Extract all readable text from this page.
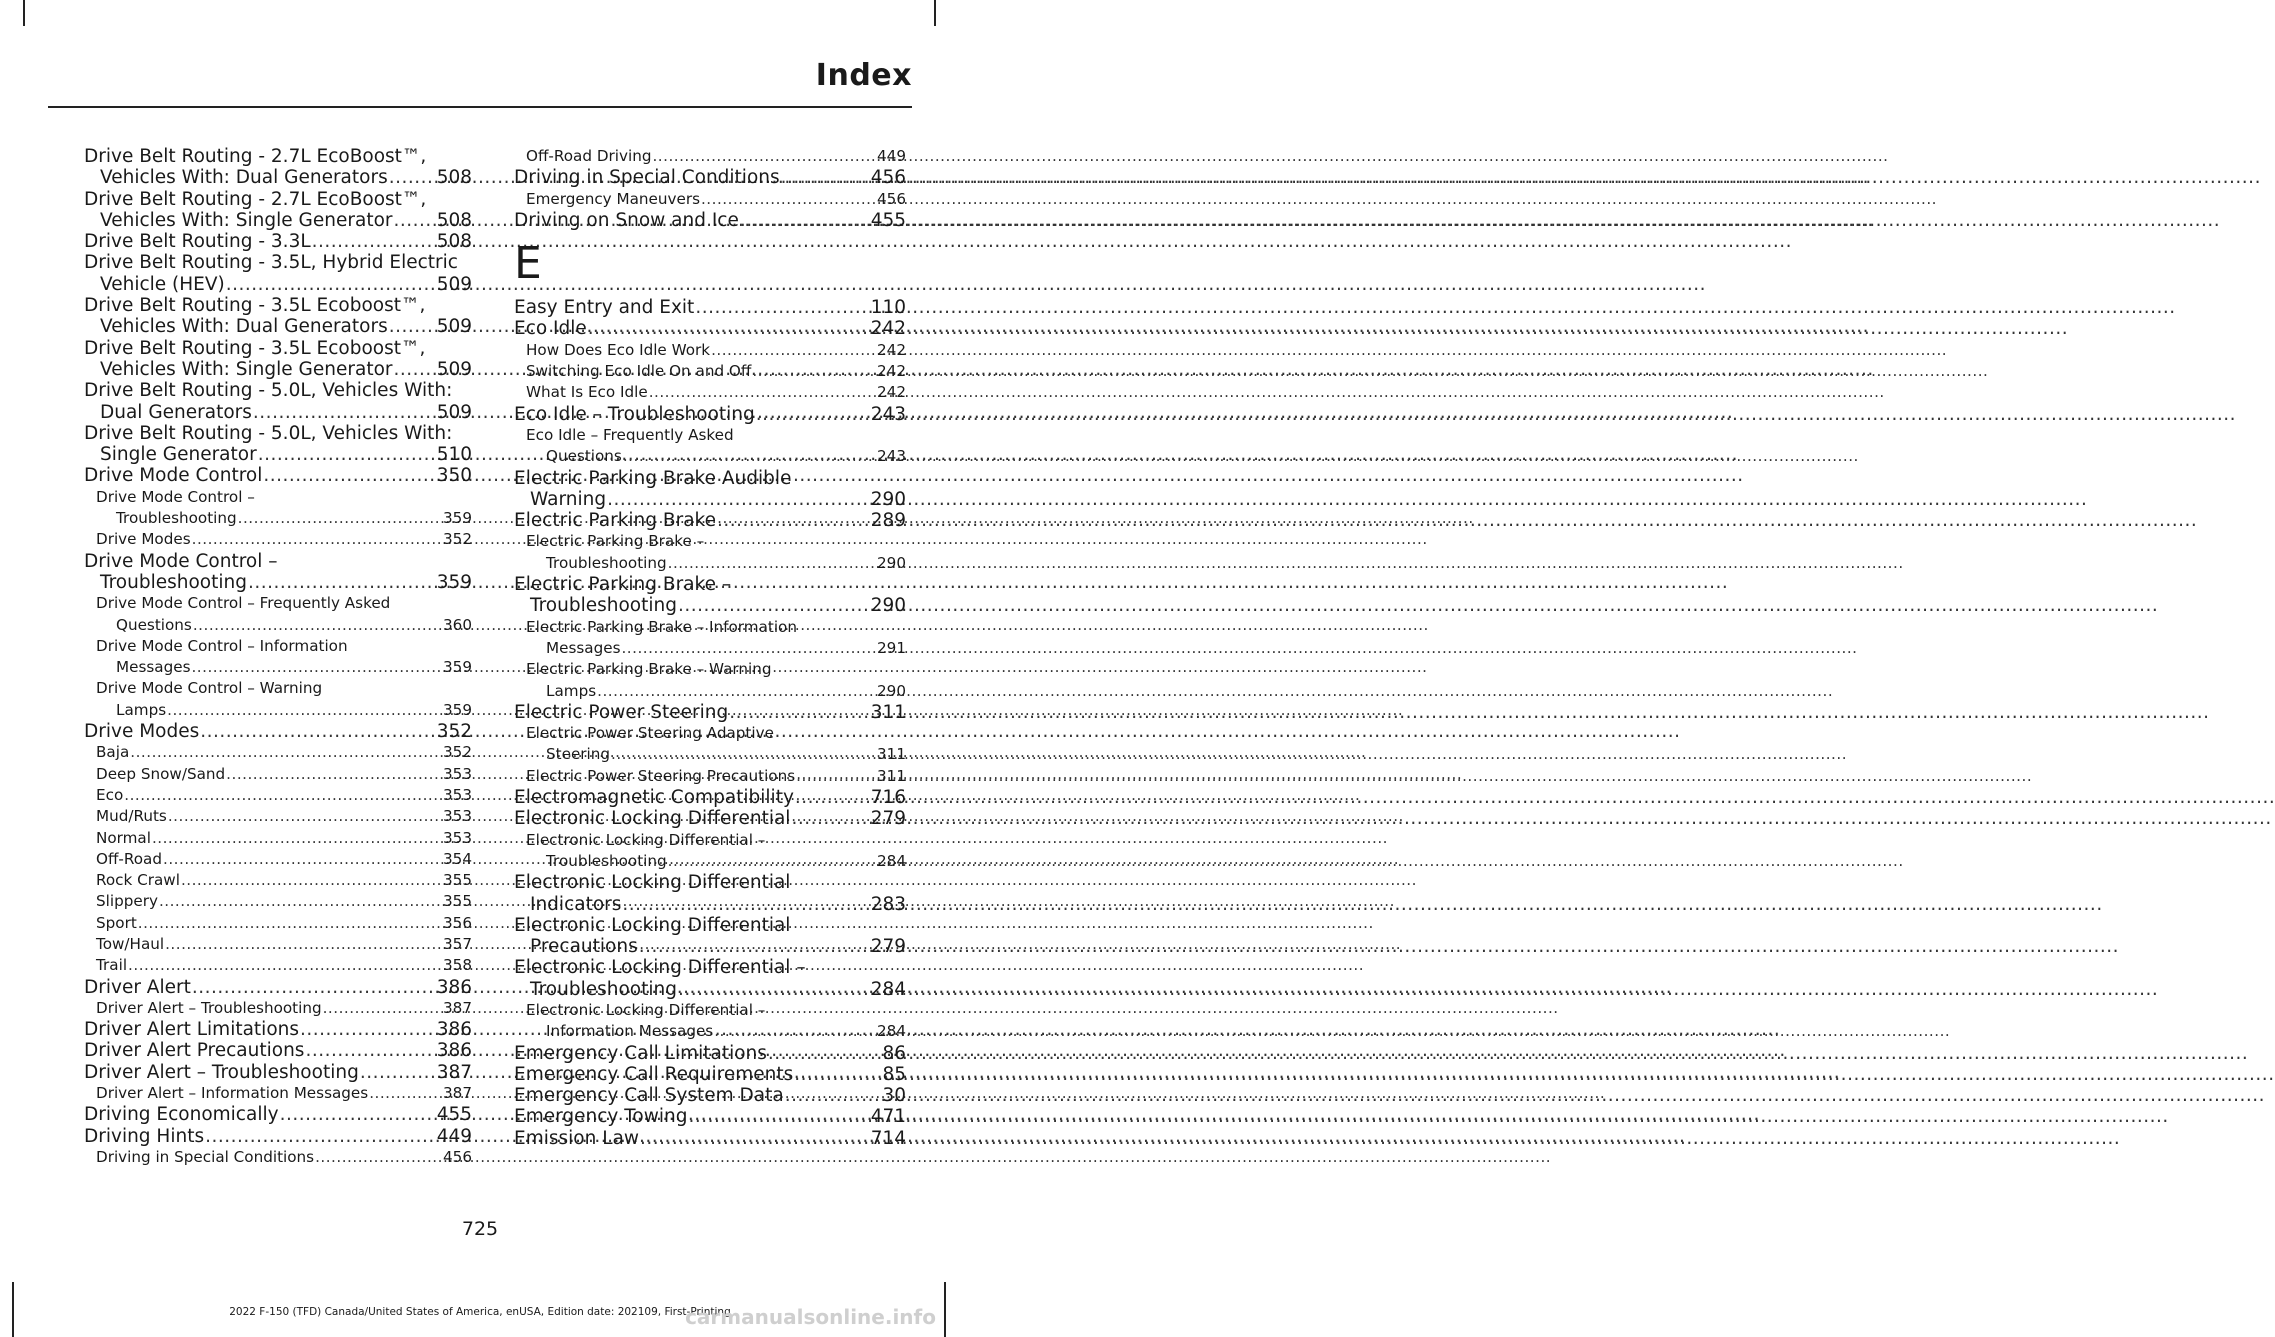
Index
Drive Belt Routing - 2.7L EcoBoost™,
Vehicles With: Dual Generators .....	508
Drive Belt Routing - 2.7L EcoBoost™,
Vehicles With: Single Generator ..... 508
Drive Belt Routing - 3.3L .....	508
Drive Belt Routing - 3.5L, Hybrid Electric
Vehicle (HEV) .....	509
Drive Belt Routing - 3.5L Ecoboost™,
Vehicles With: Dual Generators .....	509
Drive Belt Routing - 3.5L Ecoboost™,
Vehicles With: Single Generator ..... 509
Drive Belt Routing - 5.0L, Vehicles With:
Dual Generators .....	509
Drive Belt Routing - 5.0L, Vehicles With:
Single Generator .....	510
Drive Mode Control .....	350
Drive Mode Control –
Troubleshooting .....	359
Drive Modes .....	352
Drive Mode Control –
Troubleshooting .....	359
Drive Mode Control – Frequently Asked
Questions .....	360
Drive Mode Control – Information
Messages .....	359
Drive Mode Control – Warning
Lamps .....	359
Drive Modes .....	352
Baja .....	352
Deep Snow/Sand .....	353
Eco .....	353
Mud/Ruts .....	353
Normal .....	353
Off-Road .....	354
Rock Crawl .....	355
Slippery .....	355
Sport .....	356
Tow/Haul .....	357
Trail .....	358
Driver Alert .....	386
Driver Alert – Troubleshooting .....	387
Driver Alert Limitations .....	386
Driver Alert Precautions .....	386
Driver Alert – Troubleshooting .....	387
Driver Alert – Information Messages .....	387
Driving Economically .....	455
Driving Hints .....	449
Driving in Special Conditions .....	456
Off-Road Driving .....	449
Driving in Special Conditions .....	456
Emergency Maneuvers .....	456
Driving on Snow and Ice .....	455
E
Easy Entry and Exit .....	110
Eco Idle .....	242
How Does Eco Idle Work .....	242
Switching Eco Idle On and Off .....	242
What Is Eco Idle .....	242
Eco Idle – Troubleshooting .....	243
Eco Idle – Frequently Asked
Questions .....	243
Electric Parking Brake Audible
Warning .....	290
Electric Parking Brake .....	289
Electric Parking Brake –
Troubleshooting .....	290
Electric Parking Brake –
Troubleshooting .....	290
Electric Parking Brake – Information
Messages .....	291
Electric Parking Brake – Warning
Lamps .....	290
Electric Power Steering .....	311
Electric Power Steering Adaptive
Steering .....	311
Electric Power Steering Precautions .....	311
Electromagnetic Compatibility .....	716
Electronic Locking Differential .....	279
Electronic Locking Differential –
Troubleshooting .....	284
Electronic Locking Differential
Indicators .....	283
Electronic Locking Differential
Precautions .....	279
Electronic Locking Differential –
Troubleshooting .....	284
Electronic Locking Differential –
Information Messages .....	284
Emergency Call Limitations .....	86
Emergency Call Requirements .....	85
Emergency Call System Data .....	30
Emergency Towing .....	471
Emission Law .....	714
725
2022 F-150 (TFD) Canada/United States of America, enUSA, Edition date: 202109, First-Printing
carmanualsonline.info
